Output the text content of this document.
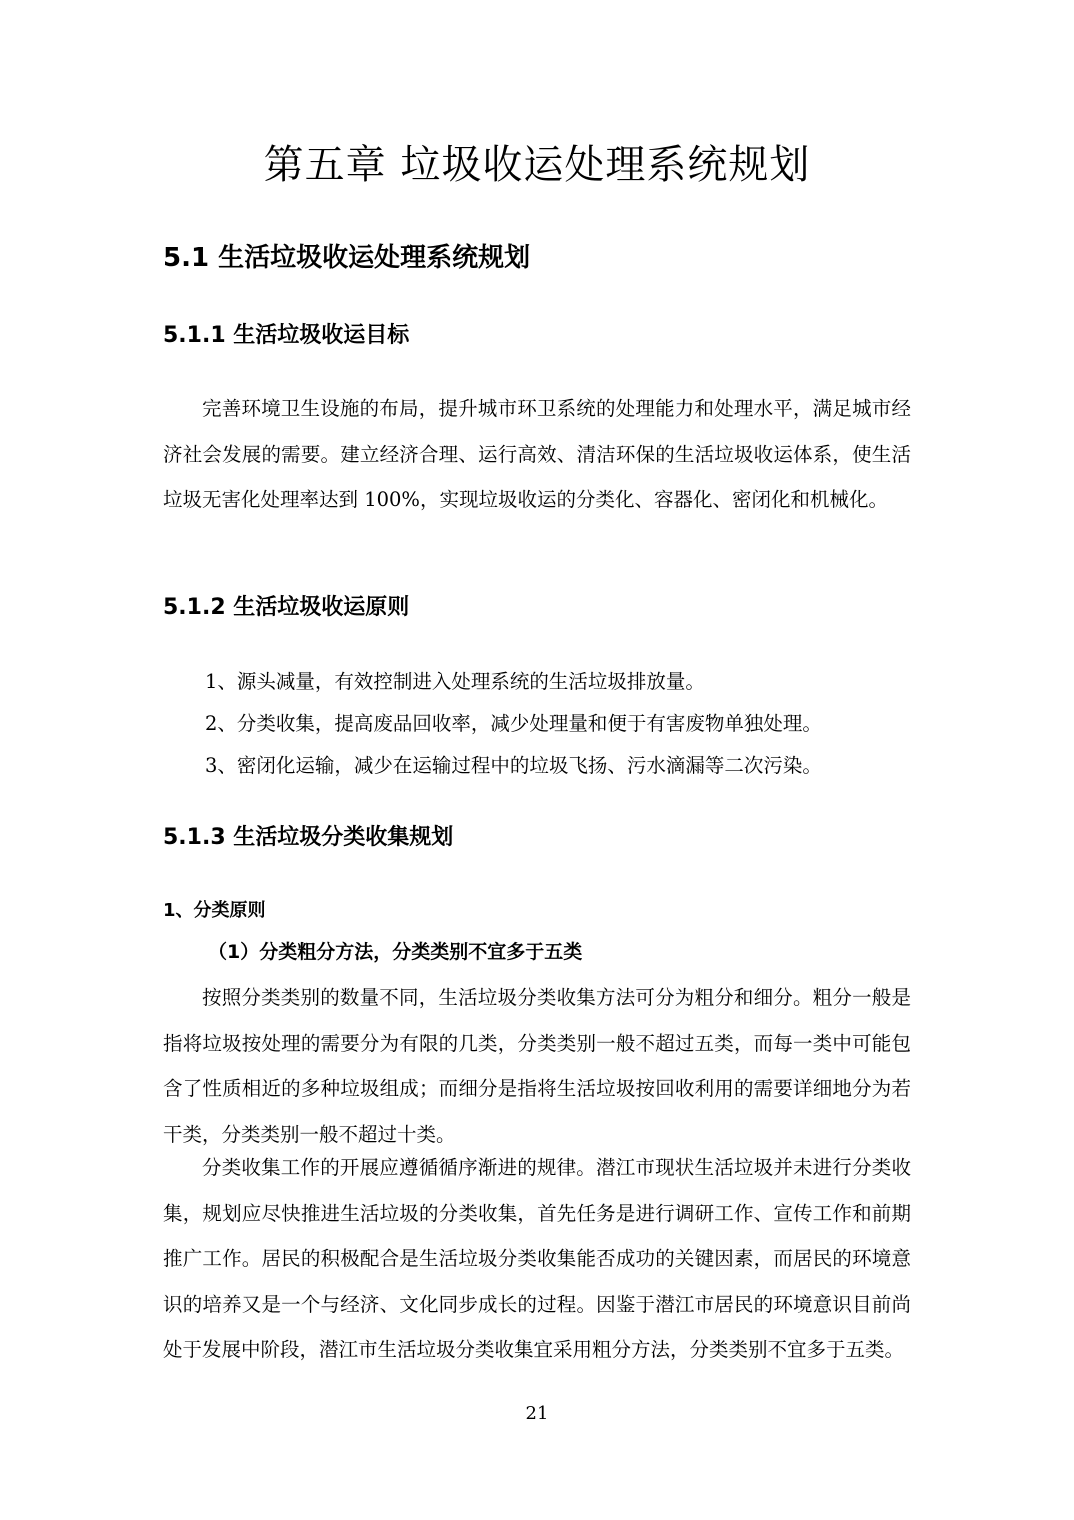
第五章 垃圾收运处理系统规划
5.1 生活垃圾收运处理系统规划
5.1.1 生活垃圾收运目标

完善环境卫生设施的布局，提升城市环卫系统的处理能力和处理水平，满足城市经济社会发展的需要。建立经济合理、运行高效、清洁环保的生活垃圾收运体系，使生活垃圾无害化处理率达到 100%，实现垃圾收运的分类化、容器化、密闭化和机械化。

5.1.2 生活垃圾收运原则

1、源头减量，有效控制进入处理系统的生活垃圾排放量。

2、分类收集，提高废品回收率，减少处理量和便于有害废物单独处理。

3、密闭化运输，减少在运输过程中的垃圾飞扬、污水滴漏等二次污染。

5.1.3 生活垃圾分类收集规划
1、分类原则
（1）分类粗分方法，分类类别不宜多于五类

按照分类类别的数量不同，生活垃圾分类收集方法可分为粗分和细分。粗分一般是指将垃圾按处理的需要分为有限的几类，分类类别一般不超过五类，而每一类中可能包含了性质相近的多种垃圾组成；而细分是指将生活垃圾按回收利用的需要详细地分为若干类，分类类别一般不超过十类。

分类收集工作的开展应遵循循序渐进的规律。潜江市现状生活垃圾并未进行分类收集，规划应尽快推进生活垃圾的分类收集，首先任务是进行调研工作、宣传工作和前期推广工作。居民的积极配合是生活垃圾分类收集能否成功的关键因素，而居民的环境意识的培养又是一个与经济、文化同步成长的过程。因鉴于潜江市居民的环境意识目前尚处于发展中阶段，潜江市生活垃圾分类收集宜采用粗分方法，分类类别不宜多于五类。

21
